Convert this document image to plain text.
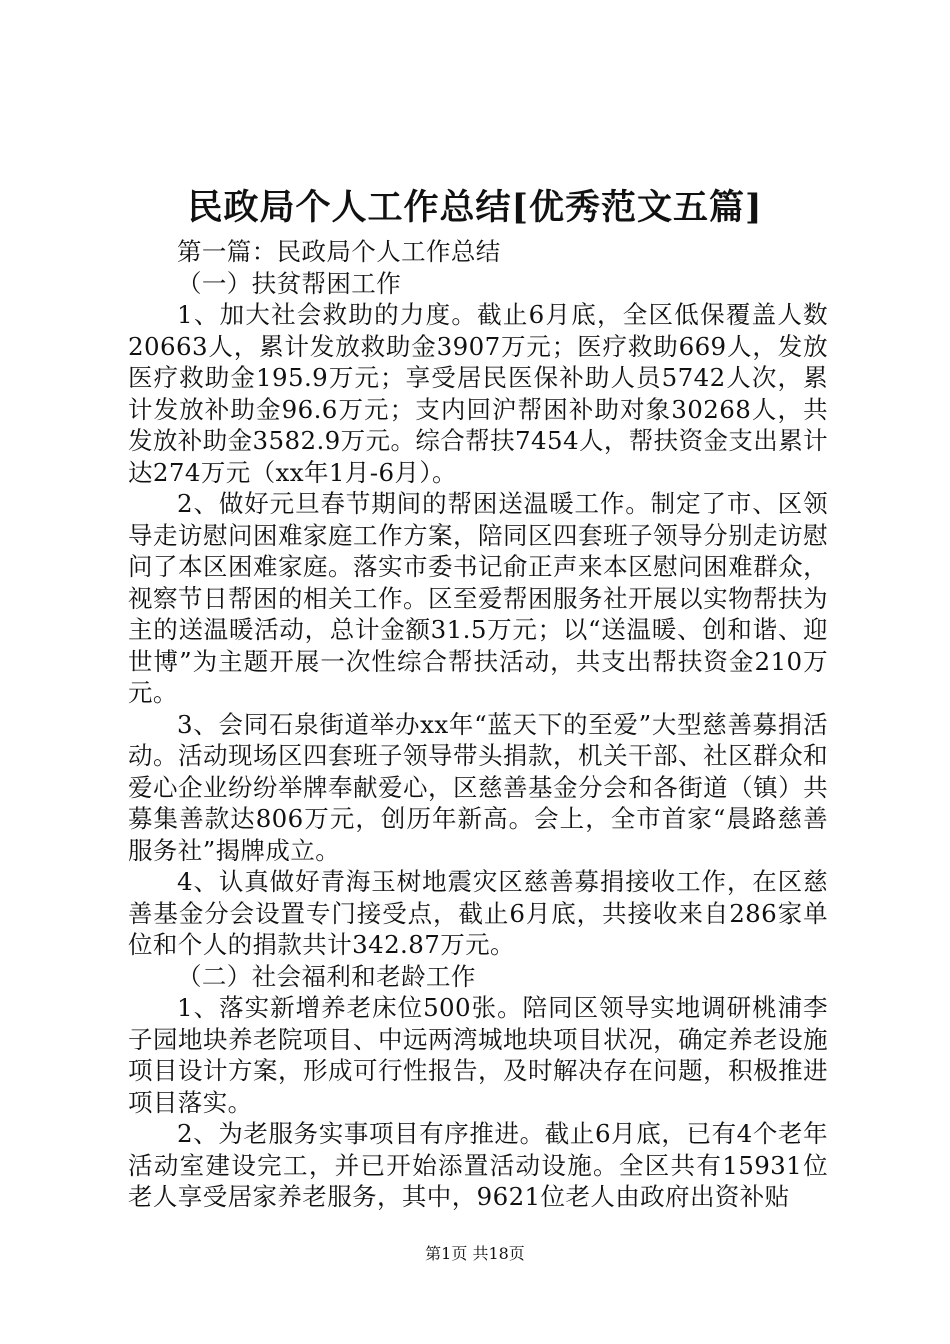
民政局个人工作总结[优秀范文五篇]

第一篇：民政局个人工作总结

（一）扶贫帮困工作

1、加大社会救助的力度。截止6月底，全区低保覆盖人数20663人，累计发放救助金3907万元；医疗救助669人，发放医疗救助金195.9万元；享受居民医保补助人员5742人次，累计发放补助金96.6万元；支内回沪帮困补助对象30268人，共发放补助金3582.9万元。综合帮扶7454人，帮扶资金支出累计达274万元（xx年1月-6月）。

2、做好元旦春节期间的帮困送温暖工作。制定了市、区领导走访慰问困难家庭工作方案，陪同区四套班子领导分别走访慰问了本区困难家庭。落实市委书记俞正声来本区慰问困难群众，视察节日帮困的相关工作。区至爱帮困服务社开展以实物帮扶为主的送温暖活动，总计金额31.5万元；以“送温暖、创和谐、迎世博”为主题开展一次性综合帮扶活动，共支出帮扶资金210万元。

3、会同石泉街道举办xx年“蓝天下的至爱”大型慈善募捐活动。活动现场区四套班子领导带头捐款，机关干部、社区群众和爱心企业纷纷举牌奉献爱心，区慈善基金分会和各街道（镇）共募集善款达806万元，创历年新高。会上，全市首家“晨路慈善服务社”揭牌成立。

4、认真做好青海玉树地震灾区慈善募捐接收工作，在区慈善基金分会设置专门接受点，截止6月底，共接收来自286家单位和个人的捐款共计342.87万元。

（二）社会福利和老龄工作

1、落实新增养老床位500张。陪同区领导实地调研桃浦李子园地块养老院项目、中远两湾城地块项目状况，确定养老设施项目设计方案，形成可行性报告，及时解决存在问题，积极推进项目落实。

2、为老服务实事项目有序推进。截止6月底，已有4个老年活动室建设完工，并已开始添置活动设施。全区共有15931位老人享受居家养老服务，其中，9621位老人由政府出资补贴

第1页 共18页
